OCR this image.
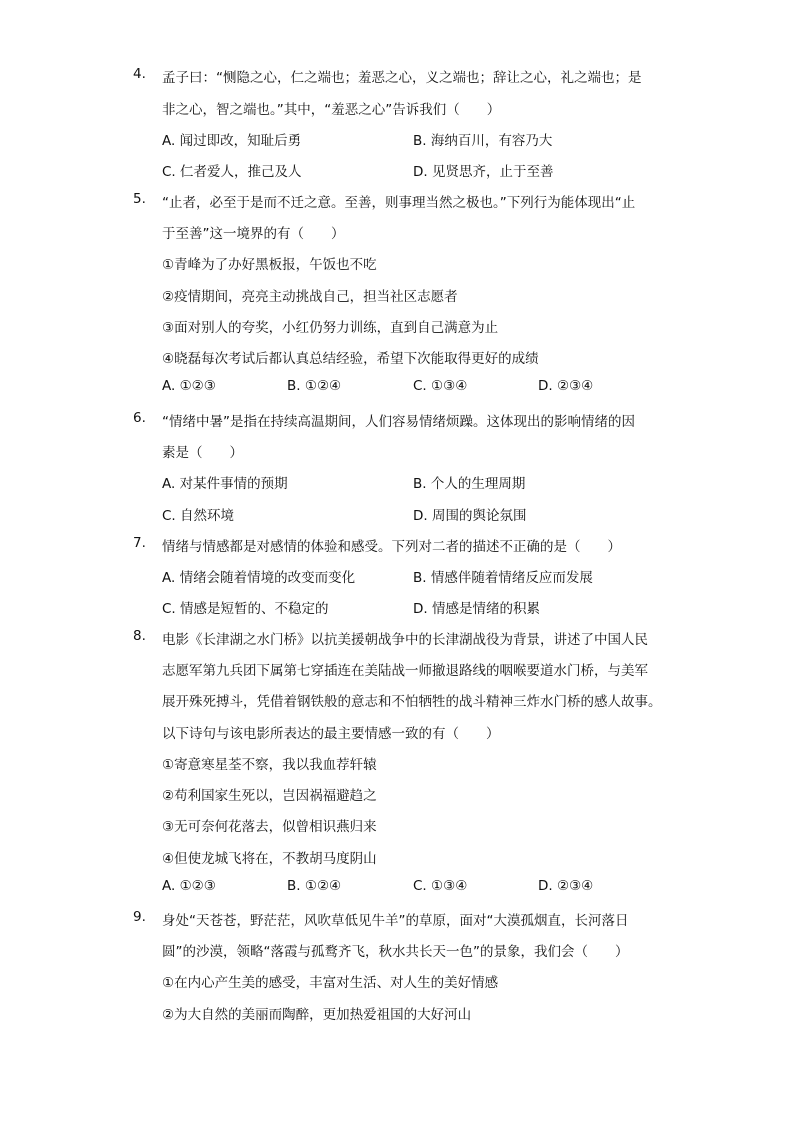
4.	孟子曰：“恻隐之心，仁之端也；羞恶之心，义之端也；辞让之心，礼之端也；是
非之心，智之端也。”其中，“羞恶之心”告诉我们（　　）
A. 闻过即改，知耻后勇	B. 海纳百川，有容乃大
C. 仁者爱人，推己及人	D. 见贤思齐，止于至善
5.	“止者，必至于是而不迁之意。至善，则事理当然之极也。”下列行为能体现出“止
于至善”这一境界的有（　　）
①青峰为了办好黑板报，午饭也不吃
②疫情期间，亮亮主动挑战自己，担当社区志愿者
③面对别人的夸奖，小红仍努力训练，直到自己满意为止
④晓磊每次考试后都认真总结经验，希望下次能取得更好的成绩
A. ①②③	B. ①②④	C. ①③④	D. ②③④
6.	“情绪中暑”是指在持续高温期间，人们容易情绪烦躁。这体现出的影响情绪的因
素是（　　）
A. 对某件事情的预期	B. 个人的生理周期
C. 自然环境	D. 周围的舆论氛围
7.	情绪与情感都是对感情的体验和感受。下列对二者的描述不正确的是（　　）
A. 情绪会随着情境的改变而变化	B. 情感伴随着情绪反应而发展
C. 情感是短暂的、不稳定的	D. 情感是情绪的积累
8.	电影《长津湖之水门桥》以抗美援朝战争中的长津湖战役为背景，讲述了中国人民
志愿军第九兵团下属第七穿插连在美陆战一师撤退路线的咽喉要道水门桥，与美军
展开殊死搏斗，凭借着钢铁般的意志和不怕牺牲的战斗精神三炸水门桥的感人故事。
以下诗句与该电影所表达的最主要情感一致的有（　　）
①寄意寒星荃不察，我以我血荐轩辕
②苟利国家生死以，岂因祸福避趋之
③无可奈何花落去，似曾相识燕归来
④但使龙城飞将在，不教胡马度阴山
A. ①②③	B. ①②④	C. ①③④	D. ②③④
9.	身处“天苍苍，野茫茫，风吹草低见牛羊”的草原，面对“大漠孤烟直，长河落日
圆”的沙漠，领略“落霞与孤鹜齐飞，秋水共长天一色”的景象，我们会（　　）
①在内心产生美的感受，丰富对生活、对人生的美好情感
②为大自然的美丽而陶醉，更加热爱祖国的大好河山
